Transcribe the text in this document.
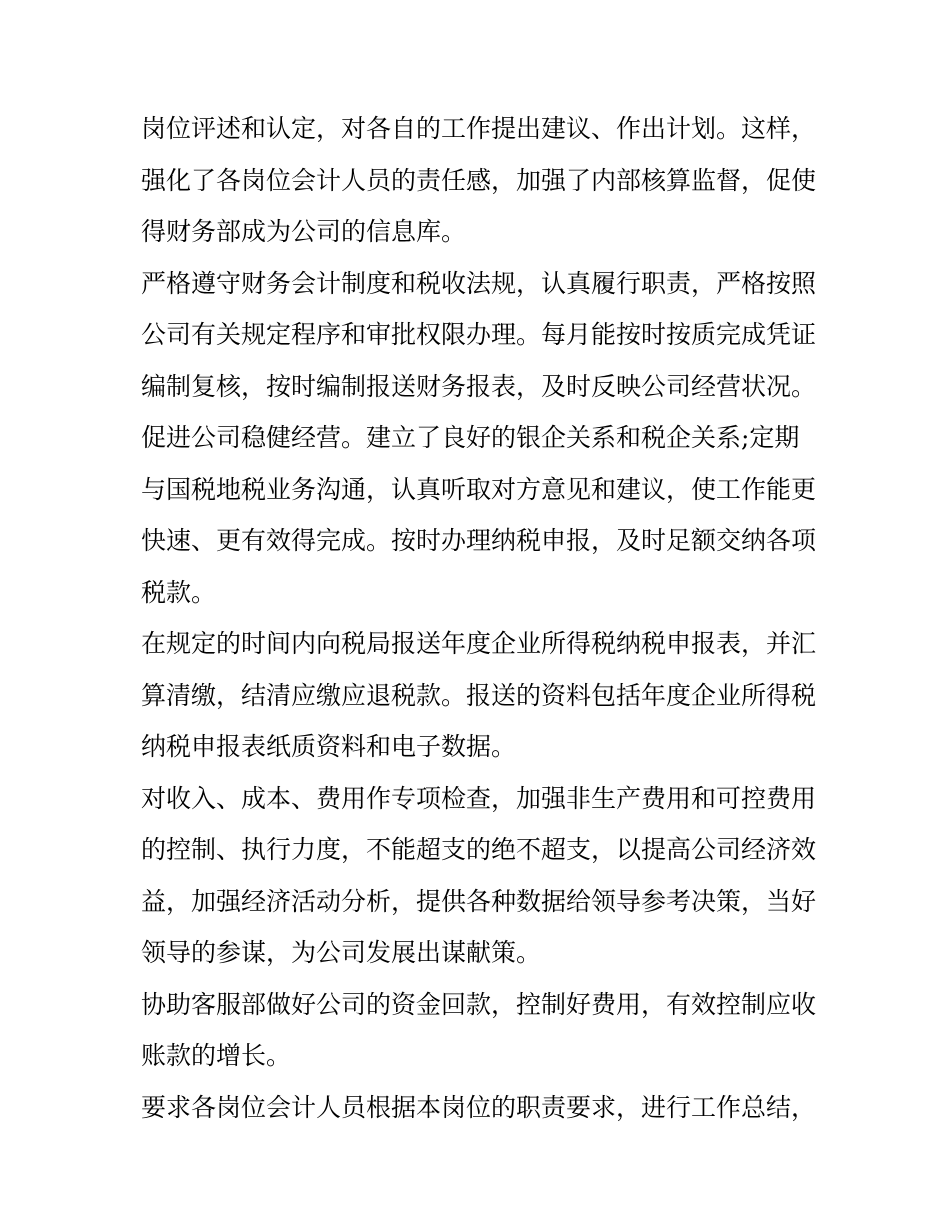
岗位评述和认定，对各自的工作提出建议、作出计划。这样，
强化了各岗位会计人员的责任感，加强了内部核算监督，促使
得财务部成为公司的信息库。
严格遵守财务会计制度和税收法规，认真履行职责，严格按照
公司有关规定程序和审批权限办理。每月能按时按质完成凭证
编制复核，按时编制报送财务报表，及时反映公司经营状况。
促进公司稳健经营。建立了良好的银企关系和税企关系;定期
与国税地税业务沟通，认真听取对方意见和建议，使工作能更
快速、更有效得完成。按时办理纳税申报，及时足额交纳各项
税款。
在规定的时间内向税局报送年度企业所得税纳税申报表，并汇
算清缴，结清应缴应退税款。报送的资料包括年度企业所得税
纳税申报表纸质资料和电子数据。
对收入、成本、费用作专项检查，加强非生产费用和可控费用
的控制、执行力度，不能超支的绝不超支，以提高公司经济效
益，加强经济活动分析，提供各种数据给领导参考决策，当好
领导的参谋，为公司发展出谋献策。
协助客服部做好公司的资金回款，控制好费用，有效控制应收
账款的增长。
要求各岗位会计人员根据本岗位的职责要求，进行工作总结，
